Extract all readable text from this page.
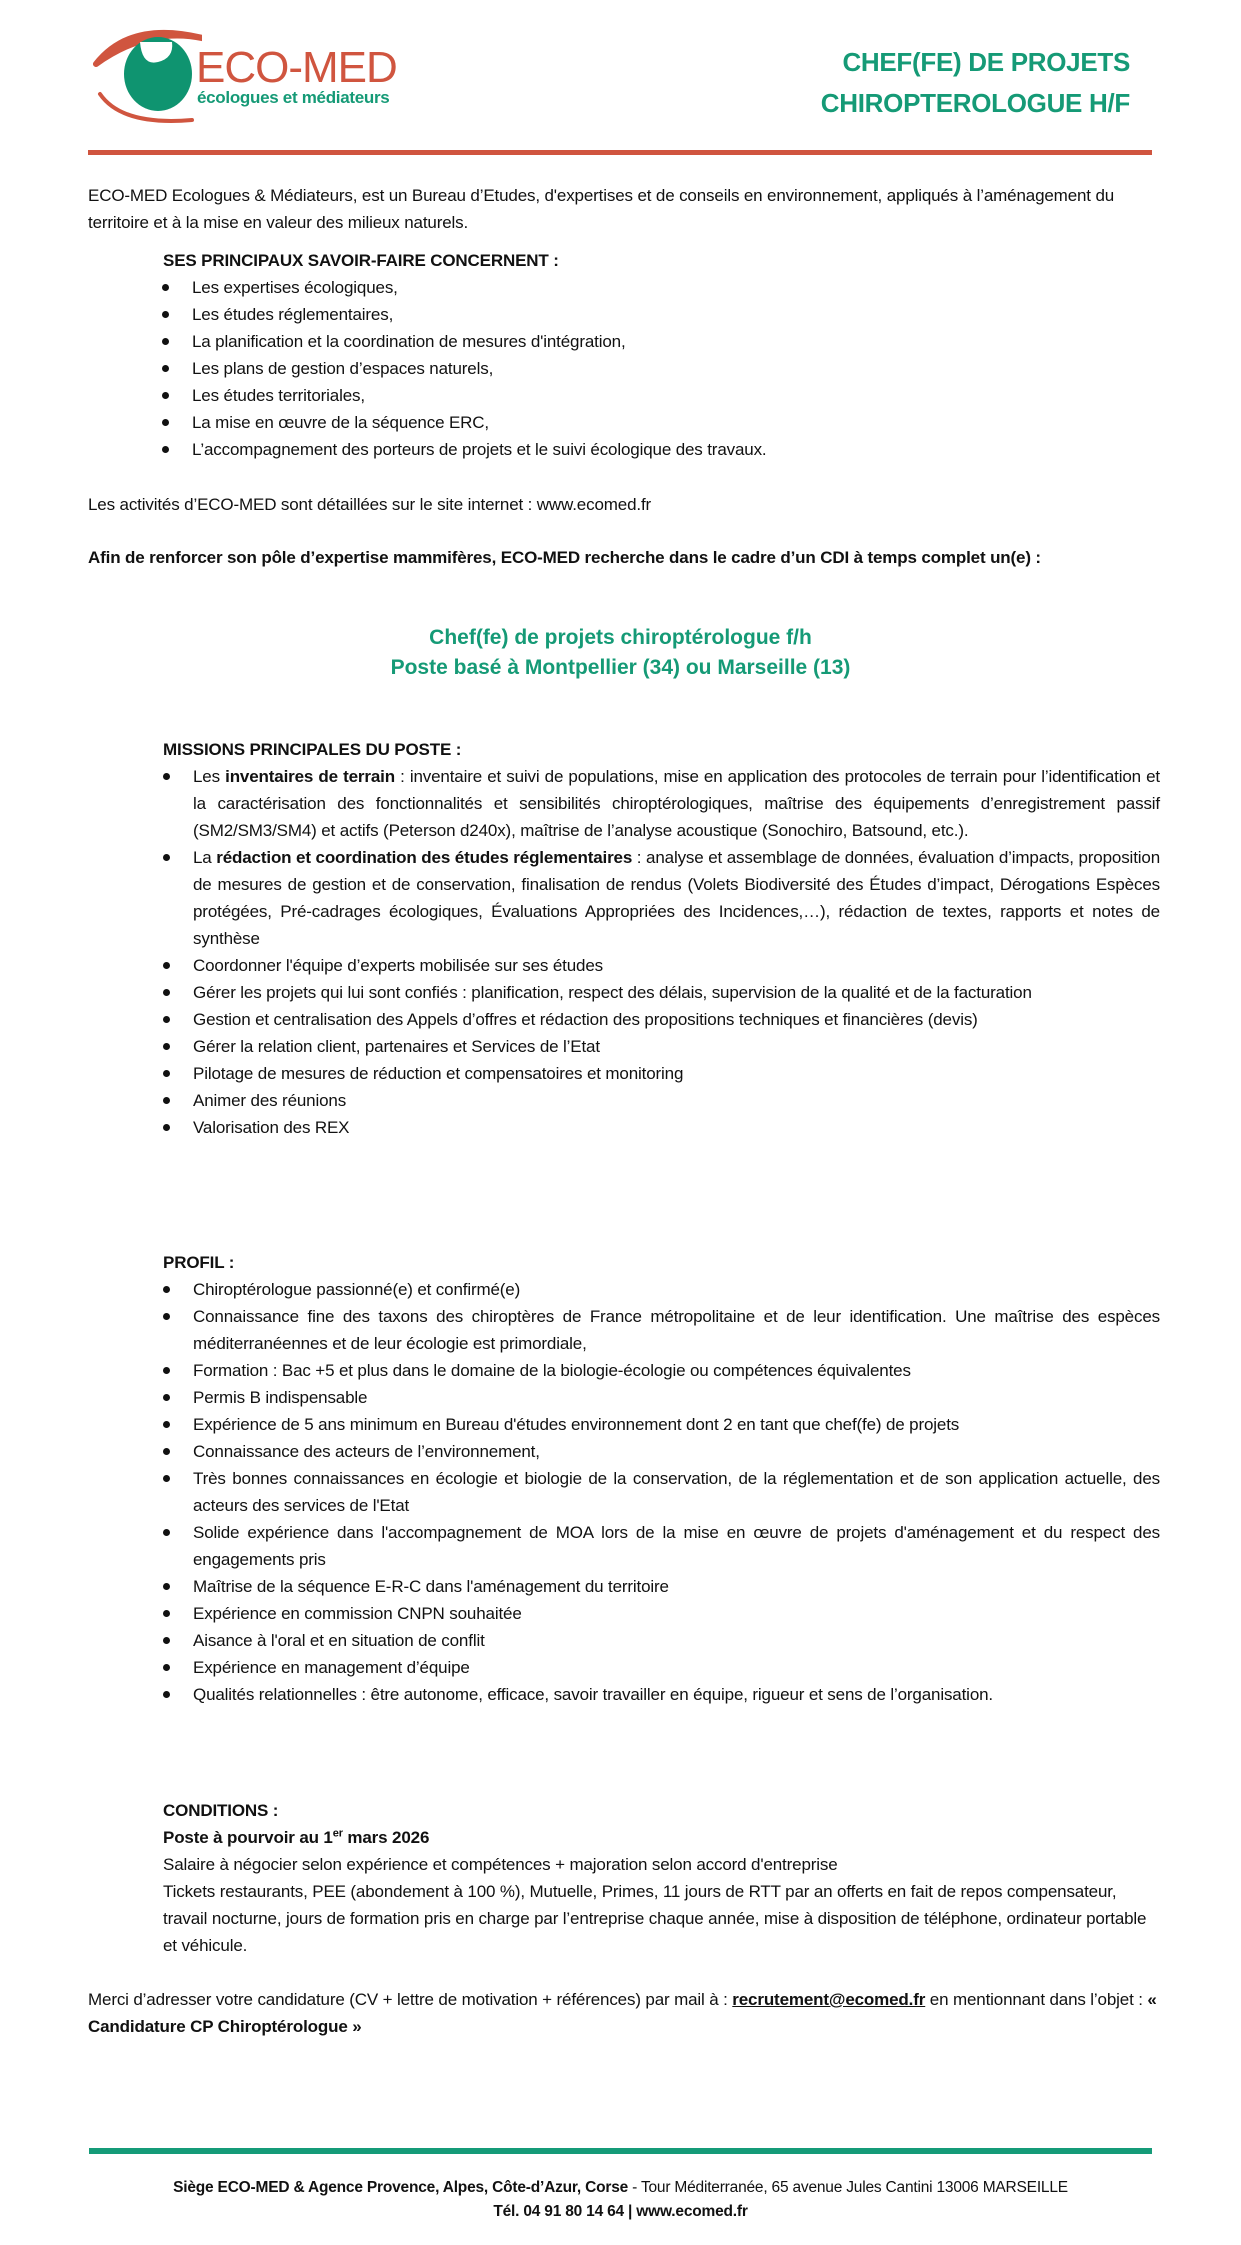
ECO-MED
écologues et médiateurs
CHEF(FE) DE PROJETS
CHIROPTEROLOGUE H/F
ECO-MED Ecologues & Médiateurs, est un Bureau d’Etudes, d'expertises et de conseils en environnement, appliqués à l’aménagement du territoire et à la mise en valeur des milieux naturels.
SES PRINCIPAUX SAVOIR-FAIRE CONCERNENT :
Les expertises écologiques,
Les études réglementaires,
La planification et la coordination de mesures d'intégration,
Les plans de gestion d’espaces naturels,
Les études territoriales,
La mise en œuvre de la séquence ERC,
L’accompagnement des porteurs de projets et le suivi écologique des travaux.
Les activités d’ECO-MED sont détaillées sur le site internet : www.ecomed.fr
Afin de renforcer son pôle d’expertise mammifères, ECO-MED recherche dans le cadre d’un CDI à temps complet un(e) :
Chef(fe) de projets chiroptérologue f/h
Poste basé à Montpellier (34) ou Marseille (13)
MISSIONS PRINCIPALES DU POSTE :
Les inventaires de terrain : inventaire et suivi de populations, mise en application des protocoles de terrain pour l’identification et la caractérisation des fonctionnalités et sensibilités chiroptérologiques, maîtrise des équipements d’enregistrement passif (SM2/SM3/SM4) et actifs (Peterson d240x), maîtrise de l’analyse acoustique (Sonochiro, Batsound, etc.).
La rédaction et coordination des études réglementaires : analyse et assemblage de données, évaluation d’impacts, proposition de mesures de gestion et de conservation, finalisation de rendus (Volets Biodiversité des Études d’impact, Dérogations Espèces protégées, Pré-cadrages écologiques, Évaluations Appropriées des Incidences,…), rédaction de textes, rapports et notes de synthèse
Coordonner l'équipe d’experts mobilisée sur ses études
Gérer les projets qui lui sont confiés : planification, respect des délais, supervision de la qualité et de la facturation
Gestion et centralisation des Appels d’offres et rédaction des propositions techniques et financières (devis)
Gérer la relation client, partenaires et Services de l’Etat
Pilotage de mesures de réduction et compensatoires et monitoring
Animer des réunions
Valorisation des REX
PROFIL :
Chiroptérologue passionné(e) et confirmé(e)
Connaissance fine des taxons des chiroptères de France métropolitaine et de leur identification. Une maîtrise des espèces méditerranéennes et de leur écologie est primordiale,
Formation : Bac +5 et plus dans le domaine de la biologie-écologie ou compétences équivalentes
Permis B indispensable
Expérience de 5 ans minimum en Bureau d'études environnement dont 2 en tant que chef(fe) de projets
Connaissance des acteurs de l’environnement,
Très bonnes connaissances en écologie et biologie de la conservation, de la réglementation et de son application actuelle, des acteurs des services de l'Etat
Solide expérience dans l'accompagnement de MOA lors de la mise en œuvre de projets d'aménagement et du respect des engagements pris
Maîtrise de la séquence E-R-C dans l'aménagement du territoire
Expérience en commission CNPN souhaitée
Aisance à l'oral et en situation de conflit
Expérience en management d’équipe
Qualités relationnelles : être autonome, efficace, savoir travailler en équipe, rigueur et sens de l’organisation.
CONDITIONS :
Poste à pourvoir au 1er mars 2026
Salaire à négocier selon expérience et compétences + majoration selon accord d'entreprise
Tickets restaurants, PEE (abondement à 100 %), Mutuelle, Primes, 11 jours de RTT par an offerts en fait de repos compensateur, travail nocturne, jours de formation pris en charge par l’entreprise chaque année, mise à disposition de téléphone, ordinateur portable et véhicule.
Merci d’adresser votre candidature (CV + lettre de motivation + références) par mail à : recrutement@ecomed.fr en mentionnant dans l’objet : « Candidature CP Chiroptérologue »
Siège ECO-MED & Agence Provence, Alpes, Côte-d’Azur, Corse - Tour Méditerranée, 65 avenue Jules Cantini 13006 MARSEILLE
Tél. 04 91 80 14 64 | www.ecomed.fr
